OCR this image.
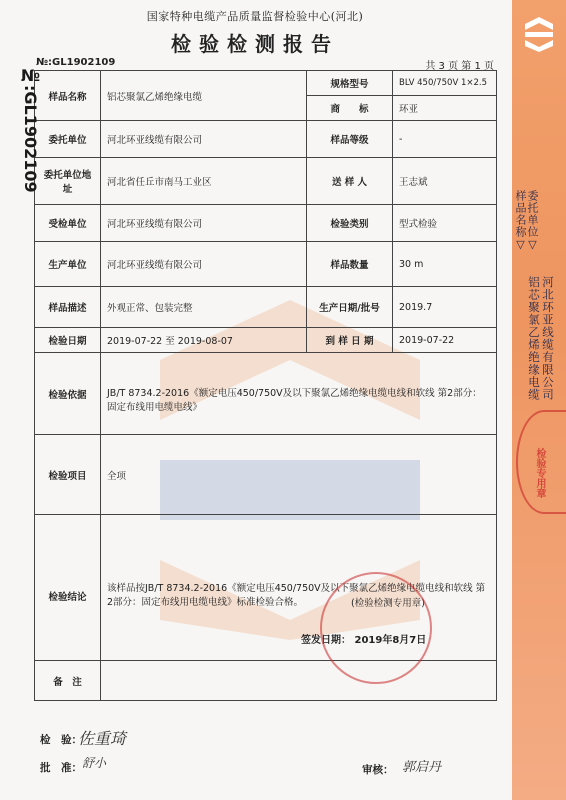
国家特种电缆产品质量监督检验中心(河北)
检验检测报告
№:GL1902109	共 3 页 第 1 页
样品名称	铝芯聚氯乙烯绝缘电缆	规格型号	BLV 450/750V 1×2.5
		商　　标	环亚
委托单位	河北环亚线缆有限公司	样品等级	-
委托单位地址	河北省任丘市南马工业区	送 样 人	王志斌
受检单位	河北环亚线缆有限公司	检验类别	型式检验
生产单位	河北环亚线缆有限公司	样品数量	30 m
样品描述	外观正常、包装完整	生产日期/批号	2019.7
检验日期	2019-07-22 至 2019-08-07	到 样 日 期	2019-07-22
检验依据	JB/T 8734.2-2016《额定电压450/750V及以下聚氯乙烯绝缘电缆电线和软线 第2部分：固定布线用电缆电线》		
检验项目	全项		
检验结论	该样品按JB/T 8734.2-2016《额定电压450/750V及以下聚氯乙烯绝缘电缆电线和软线 第2部分：固定布线用电缆电线》标准检验合格。 (检验检测专用章)
签发日期： 2019年8月7日		

备　注			
检　验：
佐重琦
批　准： 舒小	审核： 郭启丹
№:GL1902109
委托单位▽
样品名称▽
河北环亚线缆有限公司
铝芯聚氯乙烯绝缘电缆
检验专用章
